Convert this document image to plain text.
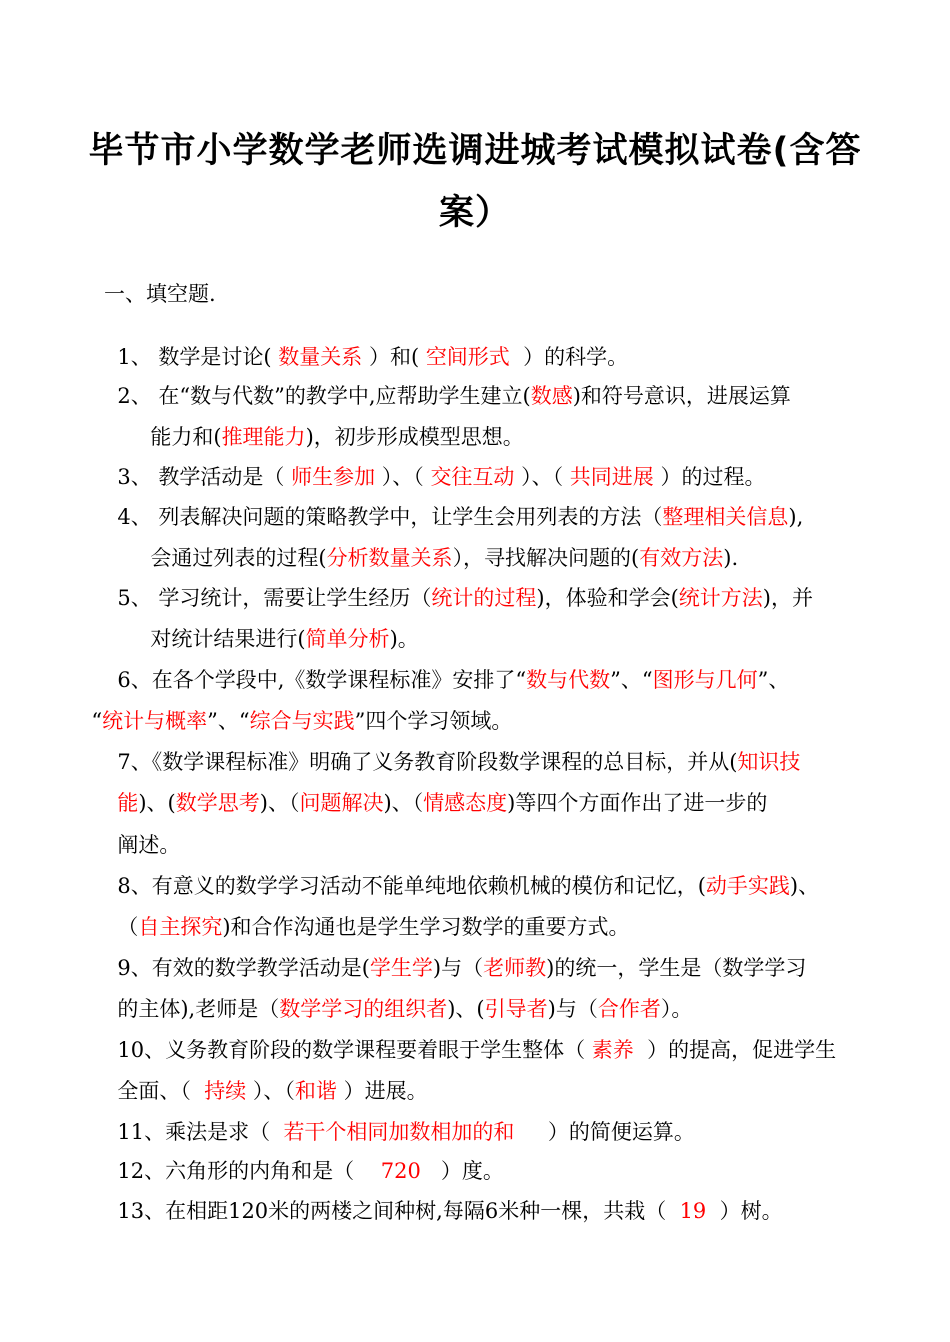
毕节市小学数学老师选调进城考试模拟试卷(含答
案）
一、填空题.

1、 数学是讨论( 数量关系 ）和( 空间形式  ）的科学。

2、 在“数与代数”的教学中,应帮助学生建立(数感)和符号意识，进展运算

能力和(推理能力)，初步形成模型思想。

3、 教学活动是（ 师生参加 ）、（ 交往互动 ）、（ 共同进展 ）的过程。

4、 列表解决问题的策略教学中，让学生会用列表的方法（整理相关信息),

会通过列表的过程(分析数量关系），寻找解决问题的(有效方法).

5、 学习统计，需要让学生经历（统计的过程)，体验和学会(统计方法)，并

对统计结果进行(简单分析)。

6、在各个学段中,《数学课程标准》安排了“数与代数”、“图形与几何”、

“统计与概率”、“综合与实践”四个学习领域。

7、《数学课程标准》明确了义务教育阶段数学课程的总目标，并从(知识技

能)、(数学思考)、（问题解决)、（情感态度)等四个方面作出了进一步的

阐述。

8、有意义的数学学习活动不能单纯地依赖机械的模仿和记忆，(动手实践)、

（自主探究)和合作沟通也是学生学习数学的重要方式。

9、有效的数学教学活动是(学生学)与（老师教)的统一，学生是（数学学习

的主体),老师是（数学学习的组织者)、(引导者)与（合作者）。

10、义务教育阶段的数学课程要着眼于学生整体（ 素养  ）的提高，促进学生

全面、（  持续 ）、（和谐 ）进展。

11、乘法是求（  若干个相同加数相加的和     ）的简便运算。

12、六角形的内角和是（    720   ）度。

13、在相距120米的两楼之间种树,每隔6米种一棵，共栽（  19  ）树。
